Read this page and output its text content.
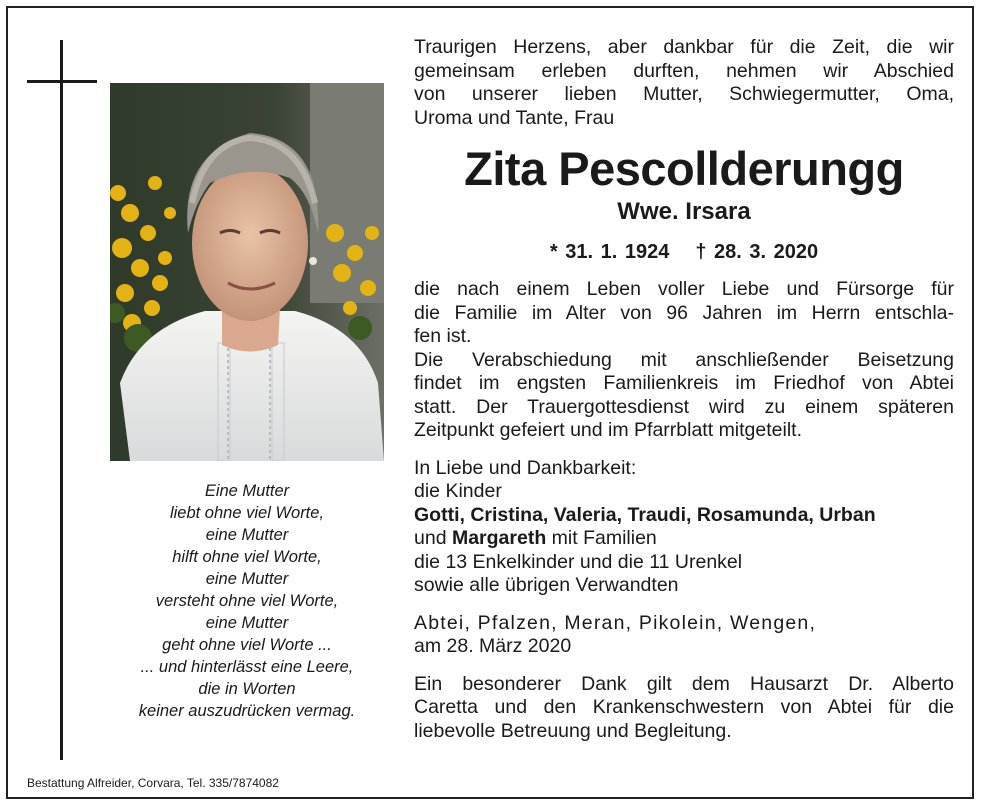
Eine Mutter
liebt ohne viel Worte,
eine Mutter
hilft ohne viel Worte,
eine Mutter
versteht ohne viel Worte,
eine Mutter
geht ohne viel Worte ...
... und hinterlässt eine Leere,
die in Worten
keiner auszudrücken vermag.
Traurigen Herzens, aber dankbar für die Zeit, die wir
gemeinsam erleben durften, nehmen wir Abschied
von unserer lieben Mutter, Schwiegermutter, Oma,
Uroma und Tante, Frau
Zita Pescollderungg
Wwe. Irsara
* 31. 1. 1924 † 28. 3. 2020
die nach einem Leben voller Liebe und Fürsorge für
die Familie im Alter von 96 Jahren im Herrn entschla-
fen ist.
Die Verabschiedung mit anschließender Beisetzung
findet im engsten Familienkreis im Friedhof von Abtei
statt. Der Trauergottesdienst wird zu einem späteren
Zeitpunkt gefeiert und im Pfarrblatt mitgeteilt.
In Liebe und Dankbarkeit:
die Kinder
Gotti, Cristina, Valeria, Traudi, Rosamunda, Urban
und Margareth mit Familien
die 13 Enkelkinder und die 11 Urenkel
sowie alle übrigen Verwandten
Abtei, Pfalzen, Meran, Pikolein, Wengen,
am 28. März 2020
Ein besonderer Dank gilt dem Hausarzt Dr. Alberto
Caretta und den Krankenschwestern von Abtei für die
liebevolle Betreuung und Begleitung.
Bestattung Alfreider, Corvara, Tel. 335/7874082
